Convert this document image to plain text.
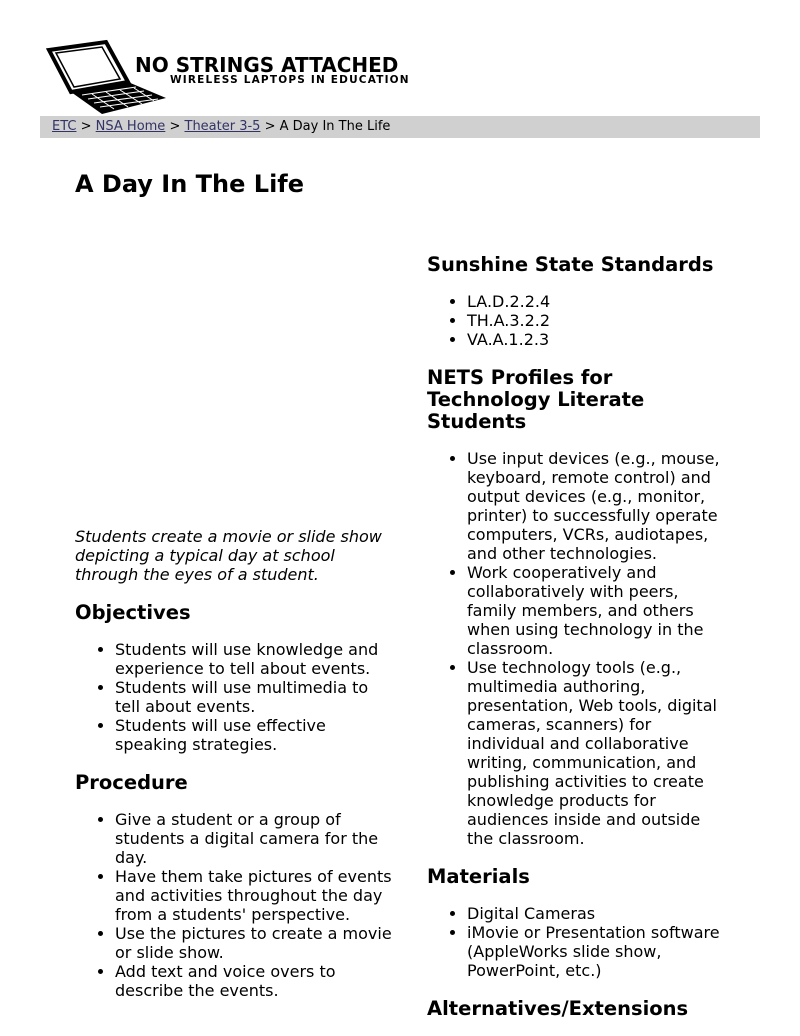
NO STRINGS ATTACHED
WIRELESS LAPTOPS IN EDUCATION
ETC > NSA Home > Theater 3-5 > A Day In The Life
A Day In The Life

Students create a movie or slide show depicting a typical day at school through the eyes of a student.

Objectives
• Students will use knowledge and experience to tell about events.
• Students will use multimedia to tell about events.
• Students will use effective speaking strategies.
Procedure
• Give a student or a group of students a digital camera for the day.
• Have them take pictures of events and activities throughout the day from a students' perspective.
• Use the pictures to create a movie or slide show.
• Add text and voice overs to describe the events.
Sunshine State Standards
• LA.D.2.2.4
• TH.A.3.2.2
• VA.A.1.2.3
NETS Profiles for Technology Literate Students
• Use input devices (e.g., mouse, keyboard, remote control) and output devices (e.g., monitor, printer) to successfully operate computers, VCRs, audiotapes, and other technologies.
• Work cooperatively and collaboratively with peers, family members, and others when using technology in the classroom.
• Use technology tools (e.g., multimedia authoring, presentation, Web tools, digital cameras, scanners) for individual and collaborative writing, communication, and publishing activities to create knowledge products for audiences inside and outside the classroom.
Materials
• Digital Cameras
• iMovie or Presentation software (AppleWorks slide show, PowerPoint, etc.)
Alternatives/Extensions
